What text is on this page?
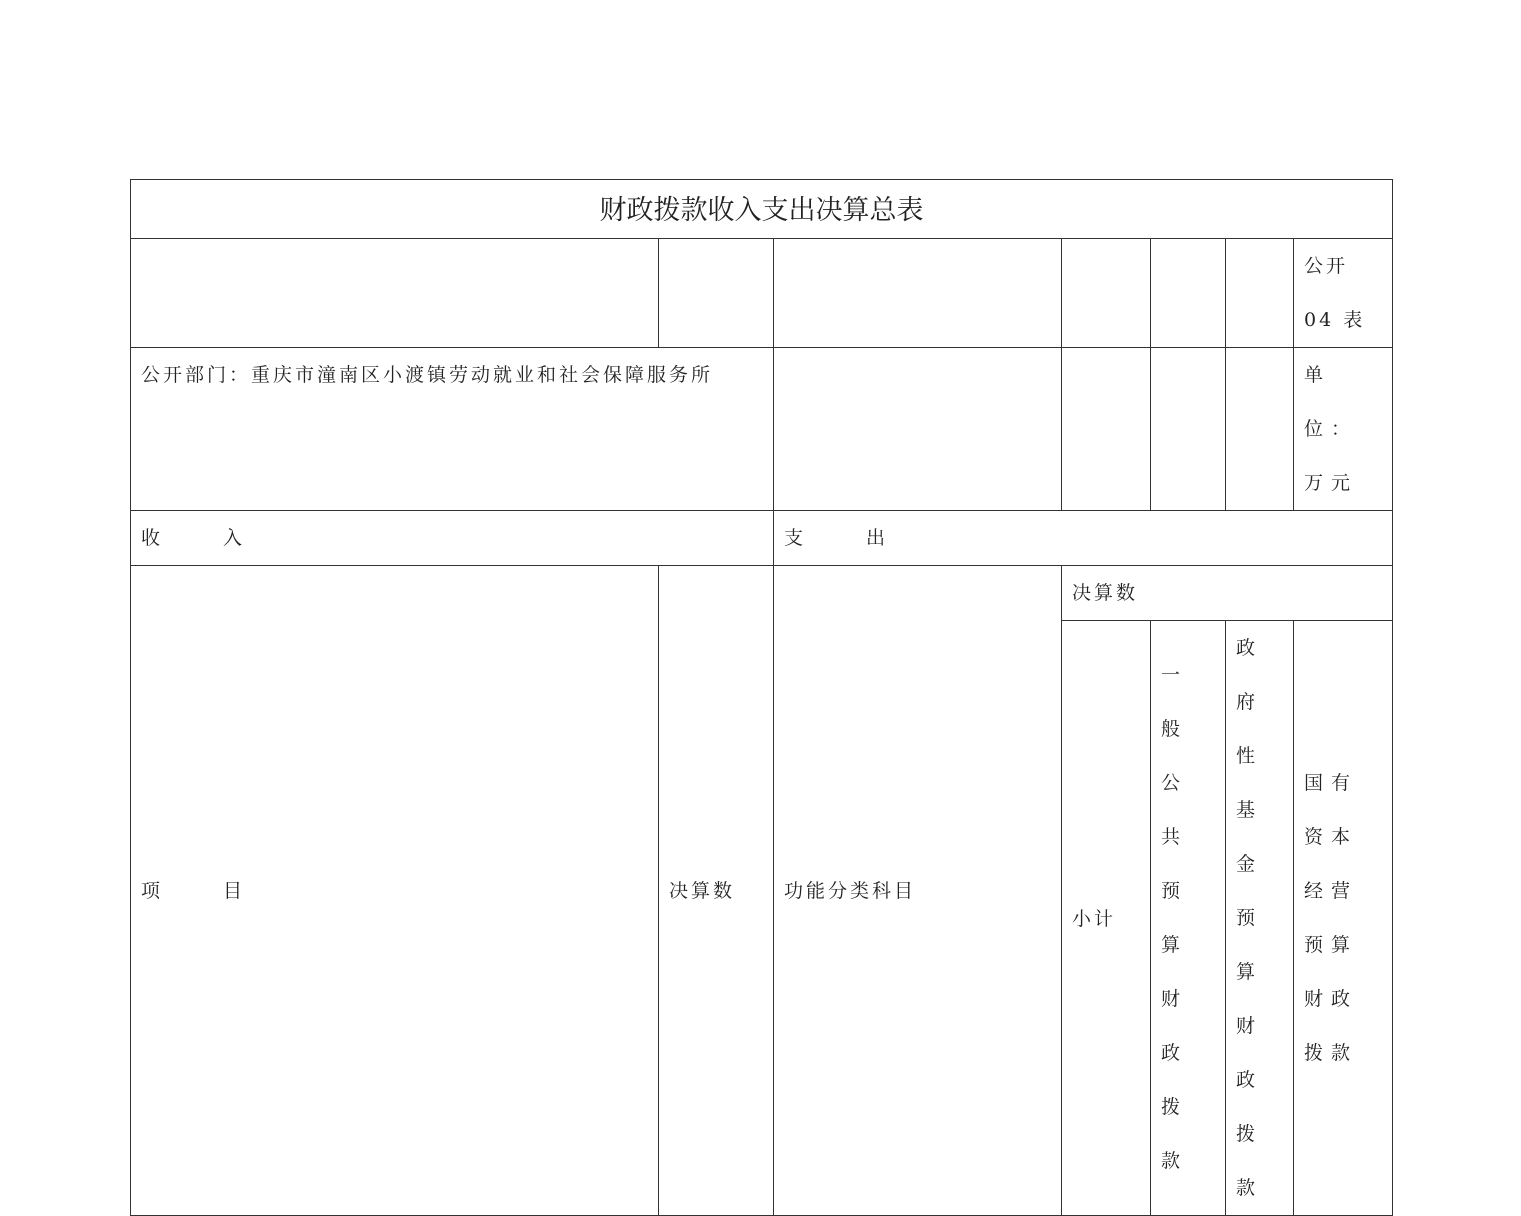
财政拨款收入支出决算总表						
						公开 04 表
公开部门：重庆市潼南区小渡镇劳动就业和社会保障服务所						单位：万元
收　入		支　出				
项　目	决算数	功能分类科目	决算数			
			小计	一般公共预算财政拨款	政府性基金预算财政拨款	国有资本经营预算财政拨款
